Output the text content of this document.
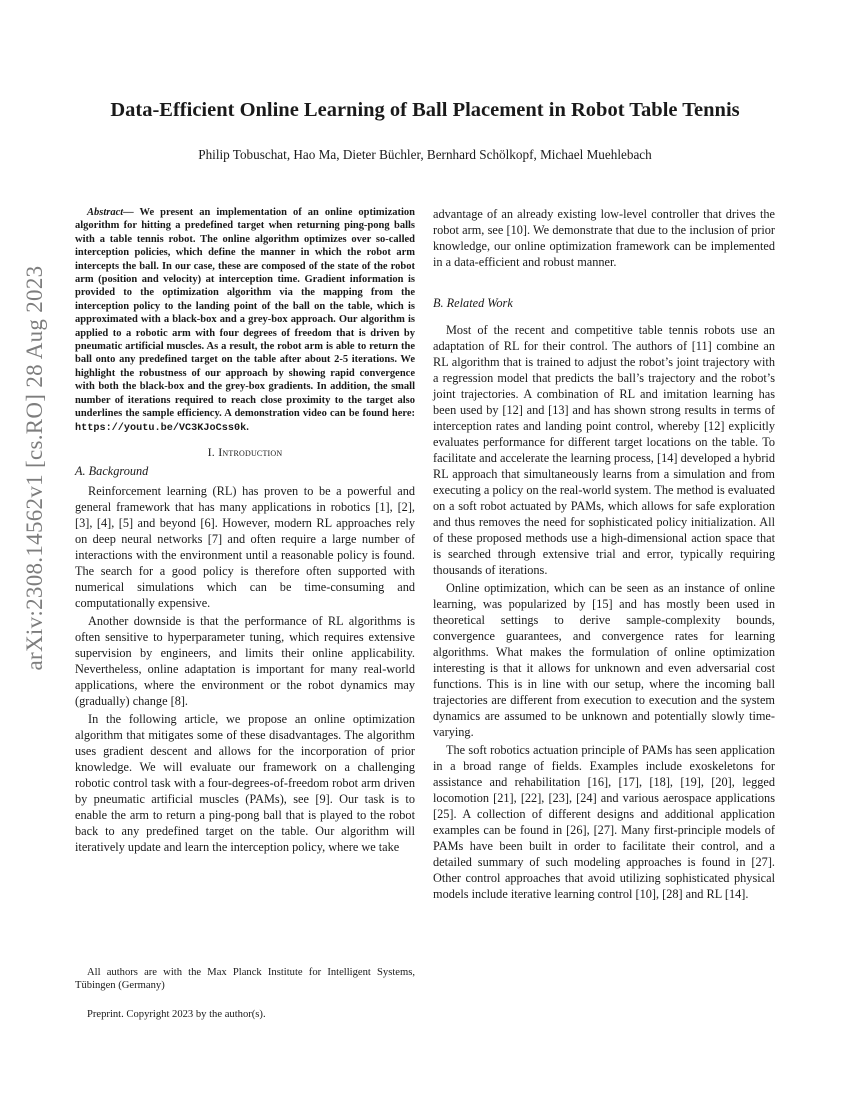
Data-Efficient Online Learning of Ball Placement in Robot Table Tennis
Philip Tobuschat, Hao Ma, Dieter Büchler, Bernhard Schölkopf, Michael Muehlebach
arXiv:2308.14562v1 [cs.RO] 28 Aug 2023

Abstract— We present an implementation of an online optimization algorithm for hitting a predefined target when returning ping-pong balls with a table tennis robot. The online algorithm optimizes over so-called interception policies, which define the manner in which the robot arm intercepts the ball. In our case, these are composed of the state of the robot arm (position and velocity) at interception time. Gradient information is provided to the optimization algorithm via the mapping from the interception policy to the landing point of the ball on the table, which is approximated with a black-box and a grey-box approach. Our algorithm is applied to a robotic arm with four degrees of freedom that is driven by pneumatic artificial muscles. As a result, the robot arm is able to return the ball onto any predefined target on the table after about 2-5 iterations. We highlight the robustness of our approach by showing rapid convergence with both the black-box and the grey-box gradients. In addition, the small number of iterations required to reach close proximity to the target also underlines the sample efficiency. A demonstration video can be found here: https://youtu.be/VC3KJoCss0k.

I. Introduction
A. Background

Reinforcement learning (RL) has proven to be a powerful and general framework that has many applications in robotics [1], [2], [3], [4], [5] and beyond [6]. However, modern RL approaches rely on deep neural networks [7] and often require a large number of interactions with the environment until a reasonable policy is found. The search for a good policy is therefore often supported with numerical simulations which can be time-consuming and computationally expensive.

Another downside is that the performance of RL algorithms is often sensitive to hyperparameter tuning, which requires extensive supervision by engineers, and limits their online applicability. Nevertheless, online adaptation is important for many real-world applications, where the environment or the robot dynamics may (gradually) change [8].

In the following article, we propose an online optimization algorithm that mitigates some of these disadvantages. The algorithm uses gradient descent and allows for the incorporation of prior knowledge. We will evaluate our framework on a challenging robotic control task with a four-degrees-of-freedom robot arm driven by pneumatic artificial muscles (PAMs), see [9]. Our task is to enable the arm to return a ping-pong ball that is played to the robot back to any predefined target on the table. Our algorithm will iteratively update and learn the interception policy, where we take

advantage of an already existing low-level controller that drives the robot arm, see [10]. We demonstrate that due to the inclusion of prior knowledge, our online optimization framework can be implemented in a data-efficient and robust manner.

B. Related Work

Most of the recent and competitive table tennis robots use an adaptation of RL for their control. The authors of [11] combine an RL algorithm that is trained to adjust the robot’s joint trajectory with a regression model that predicts the ball’s trajectory and the robot’s joint trajectories. A combination of RL and imitation learning has been used by [12] and [13] and has shown strong results in terms of interception rates and landing point control, whereby [12] explicitly evaluates performance for different target locations on the table. To facilitate and accelerate the learning process, [14] developed a hybrid RL approach that simultaneously learns from a simulation and from executing a policy on the real-world system. The method is evaluated on a soft robot actuated by PAMs, which allows for safe exploration and thus removes the need for sophisticated policy initialization. All of these proposed methods use a high-dimensional action space that is searched through extensive trial and error, typically requiring thousands of iterations.

Online optimization, which can be seen as an instance of online learning, was popularized by [15] and has mostly been used in theoretical settings to derive sample-complexity bounds, convergence guarantees, and convergence rates for learning algorithms. What makes the formulation of online optimization interesting is that it allows for unknown and even adversarial cost functions. This is in line with our setup, where the incoming ball trajectories are different from execution to execution and the system dynamics are assumed to be unknown and potentially slowly time-varying.

The soft robotics actuation principle of PAMs has seen application in a broad range of fields. Examples include exoskeletons for assistance and rehabilitation [16], [17], [18], [19], [20], legged locomotion [21], [22], [23], [24] and various aerospace applications [25]. A collection of different designs and additional application examples can be found in [26], [27]. Many first-principle models of PAMs have been built in order to facilitate their control, and a detailed summary of such modeling approaches is found in [27]. Other control approaches that avoid utilizing sophisticated physical models include iterative learning control [10], [28] and RL [14].

All authors are with the Max Planck Institute for Intelligent Systems, Tübingen (Germany)

Preprint. Copyright 2023 by the author(s).
